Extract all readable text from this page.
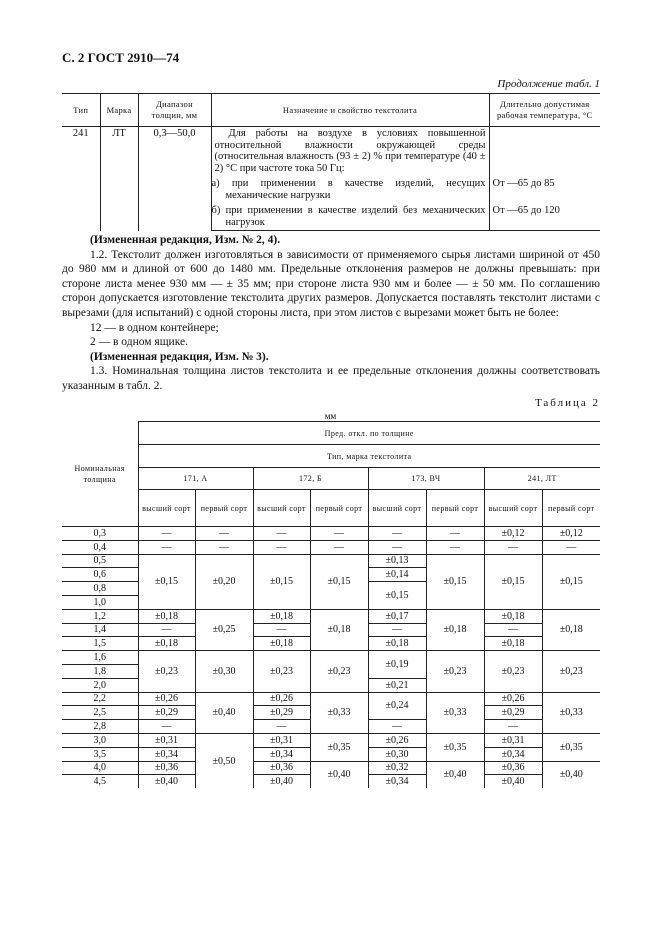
С. 2 ГОСТ 2910—74
Продолжение табл. 1
Тип	Марка	Диапазон толщин, мм	Назначение и свойство текстолита	Длительно допустимая рабочая температура, °С
241	ЛТ	0,3—50,0	Для работы на воздухе в условиях повышенной относительной влажности окружающей среды (относительная влажность (93 ± 2) % при температуре (40 ± 2) °С при частоте тока 50 Гц:	
			а) при применении в качестве изделий, несущих механические нагрузки	От —65 до 85
			б) при применении в качестве изделий без механических нагрузок	От —65 до 120

(Измененная редакция, Изм. № 2, 4).

1.2. Текстолит должен изготовляться в зависимости от применяемого сырья листами шириной от 450 до 980 мм и длиной от 600 до 1480 мм. Предельные отклонения размеров не должны превышать: при стороне листа менее 930 мм — ± 35 мм; при стороне листа 930 мм и более — ± 50 мм. По соглашению сторон допускается изготовление текстолита других размеров. Допускается поставлять текстолит листами с вырезами (для испытаний) с одной стороны листа, при этом листов с вырезами может быть не более:

12 — в одном контейнере;

2 — в одном ящике.

(Измененная редакция, Изм. № 3).

1.3. Номинальная толщина листов текстолита и ее предельные отклонения должны соответствовать указанным в табл. 2.

Таблица 2
мм
Номинальная толщина	Пред. откл. по толщине							
	Тип, марка текстолита							
	171, А		172, Б		173, ВЧ		241, ЛТ	
	высший сорт	первый сорт	высший сорт	первый сорт	высший сорт	первый сорт	высший сорт	первый сорт
0,3	—	—	—	—	—	—	±0,12	±0,12
0,4	—	—	—	—	—	—	—	—
0,5	±0,15	±0,20	±0,15	±0,15	±0,13	±0,15	±0,15	±0,15
0,6					±0,14			
0,8					±0,15			
1,0								
1,2	±0,18	±0,25	±0,18	±0,18	±0,17	±0,18	±0,18	±0,18
1,4	—		—		—		—	
1,5	±0,18		±0,18		±0,18		±0,18	
1,6	±0,23	±0,30	±0,23	±0,23	±0,19	±0,23	±0,23	±0,23
1,8								
2,0					±0,21			
2,2	±0,26	±0,40	±0,26	±0,33	±0,24	±0,33	±0,26	±0,33
2,5	±0,29		±0,29				±0,29	
2,8	—		—		—		—	
3,0	±0,31	±0,50	±0,31	±0,35	±0,26	±0,35	±0,31	±0,35
3,5	±0,34		±0,34		±0,30		±0,34	
4,0	±0,36		±0,36	±0,40	±0,32	±0,40	±0,36	±0,40
4,5	±0,40		±0,40		±0,34		±0,40	
